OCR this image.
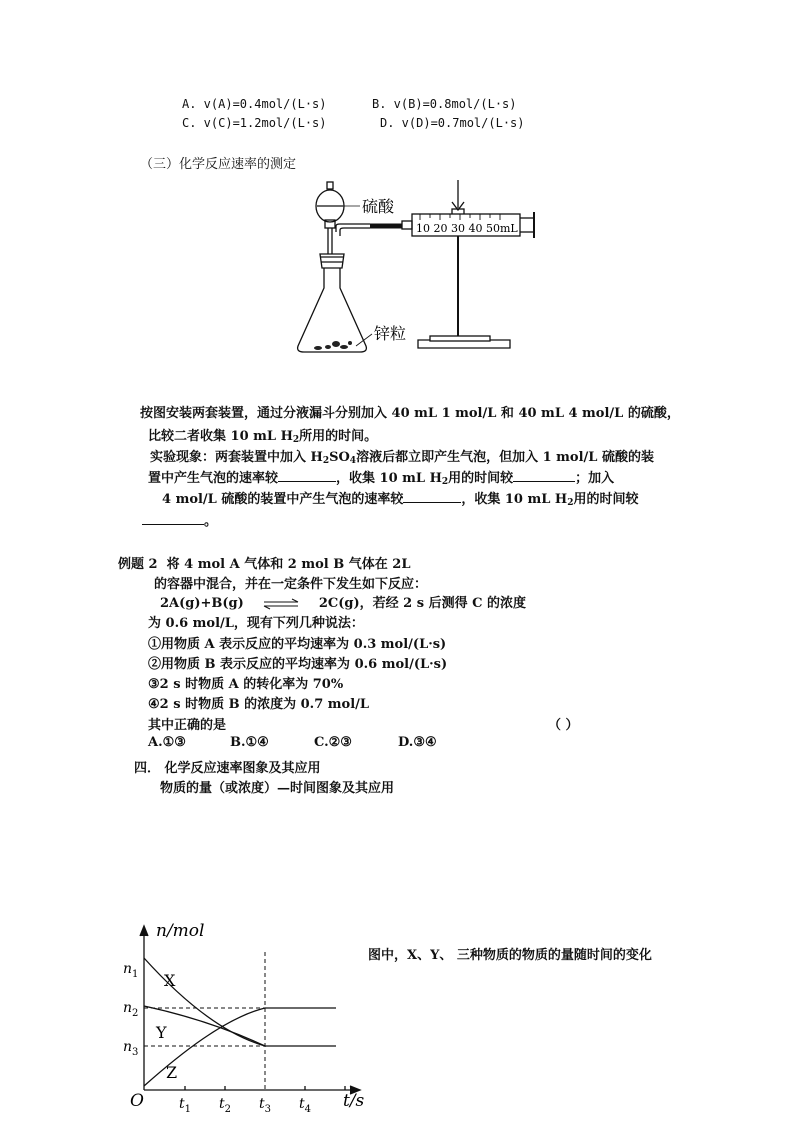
A. v(A)=0.4mol/(L·s)	B. v(B)=0.8mol/(L·s)
C. v(C)=1.2mol/(L·s)	D. v(D)=0.7mol/(L·s)
（三）化学反应速率的测定
10 20 30 40 50mL
硫酸
锌粒
按图安装两套装置，通过分液漏斗分别加入 40 mL 1 mol/L 和 40 mL 4 mol/L 的硫酸，
比较二者收集 10 mL $H_2$所用的时间。
实验现象：两套装置中加入 $H_2SO_4$溶液后都立即产生气泡，但加入 1 mol/L 硫酸的装
置中产生气泡的速率较	，收集 10 mL $H_2$用的时间较	；加入
4 mol/L 硫酸的装置中产生气泡的速率较	，收集 10 mL $H_2$用的时间较
。
例题 2 将 4 mol A 气体和 2 mol B 气体在 2L
的容器中混合，并在一定条件下发生如下反应：
2A(g)+B(g)	2C(g)，若经 2 s 后测得 C 的浓度
为 0.6 mol/L，现有下列几种说法：
①用物质 A 表示反应的平均速率为 0.3 mol/(L·s)
②用物质 B 表示反应的平均速率为 0.6 mol/(L·s)
③2 s 时物质 A 的转化率为 70%
④2 s 时物质 B 的浓度为 0.7 mol/L
其中正确的是	（ ）
A.①③	B.①④	C.②③	D.③④
四． 化学反应速率图象及其应用
物质的量（或浓度）—时间图象及其应用
n/mol
t/s
O
$n_1$
$n_2$
$n_3$
$t_1$ $t_2$ $t_3$ $t_4$
X
Y
Z
图中，X、Y、 三种物质的物质的量随时间的变化
